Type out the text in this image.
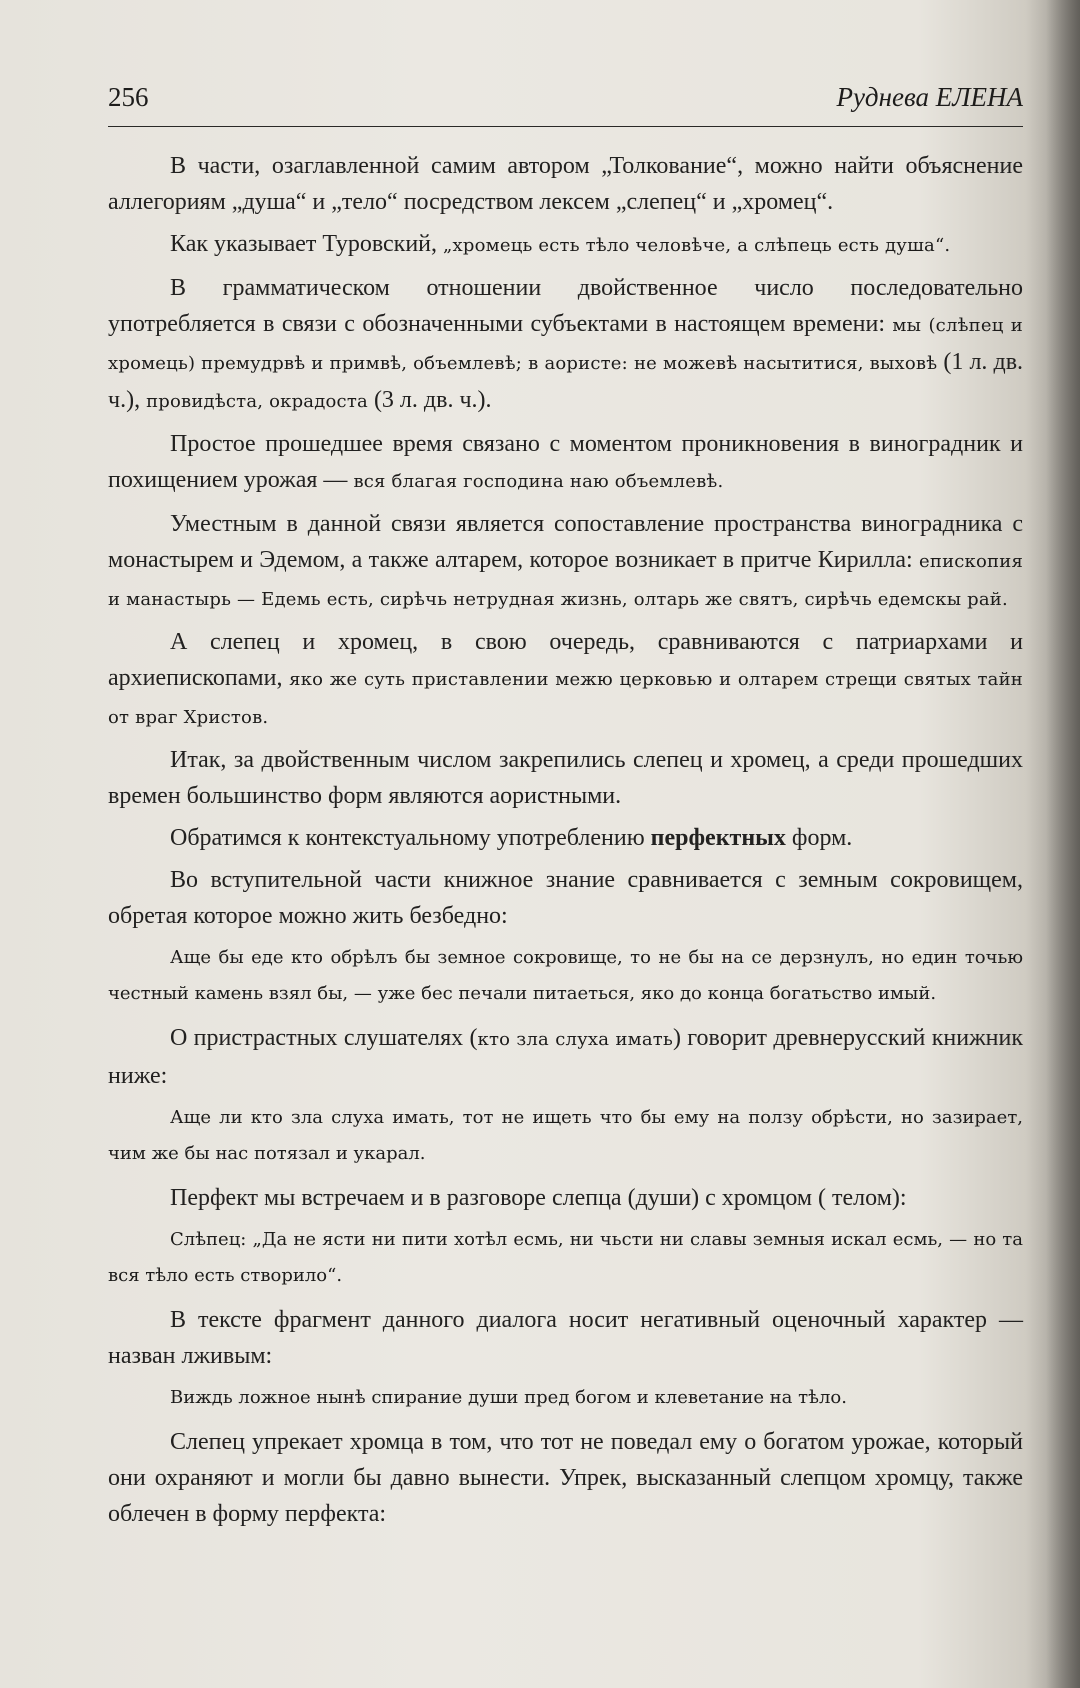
256	Руднева ЕЛЕНА

В части, озаглавленной самим автором „Толкование“, можно найти объяснение аллегориям „душа“ и „тело“ посредством лексем „слепец“ и „хромец“.

Как указывает Туровский, „хромець есть тѣло человѣче, а слѣпець есть душа“.

В грамматическом отношении двойственное число последовательно употребляется в связи с обозначенными субъектами в настоящем времени: мы (слѣпец и хромець) премудрвѣ и примвѣ, объемлевѣ; в аористе: не можевѣ насытитися, выховѣ (1 л. дв. ч.), провидѣста, окрадоста (3 л. дв. ч.).

Простое прошедшее время связано с моментом проникновения в виноградник и похищением урожая — вся благая господина наю объемлевѣ.

Уместным в данной связи является сопоставление пространства виноградника с монастырем и Эдемом, а также алтарем, которое возникает в притче Кирилла: епископия и манастырь — Едемь есть, сирѣчь нетрудная жизнь, олтарь же святъ, сирѣчь едемскы рай.

А слепец и хромец, в свою очередь, сравниваются с патриархами и архиепископами, яко же суть приставлении межю церковью и олтарем стрещи святых тайн от враг Христов.

Итак, за двойственным числом закрепились слепец и хромец, а среди прошедших времен большинство форм являются аористными.

Обратимся к контекстуальному употреблению перфектных форм.

Во вступительной части книжное знание сравнивается с земным сокровищем, обретая которое можно жить безбедно:

Аще бы еде кто обрѣлъ бы земное сокровище, то не бы на се дерзнулъ, но един точью честный камень взял бы, — уже бес печали питаеться, яко до конца богатьство имый.

О пристрастных слушателях (кто зла слуха имать) говорит древнерусский книжник ниже:

Аще ли кто зла слуха имать, тот не ищеть что бы ему на ползу обрѣсти, но зазирает, чим же бы нас потязал и укарал.

Перфект мы встречаем и в разговоре слепца (души) с хромцом ( телом):

Слѣпец: „Да не ясти ни пити хотѣл есмь, ни чьсти ни славы земныя искал есмь, — но та вся тѣло есть створило“.

В тексте фрагмент данного диалога носит негативный оценочный характер — назван лживым:

Виждь ложное нынѣ спирание души пред богом и клеветание на тѣло.

Слепец упрекает хромца в том, что тот не поведал ему о богатом урожае, который они охраняют и могли бы давно вынести. Упрек, высказанный слепцом хромцу, также облечен в форму перфекта:
